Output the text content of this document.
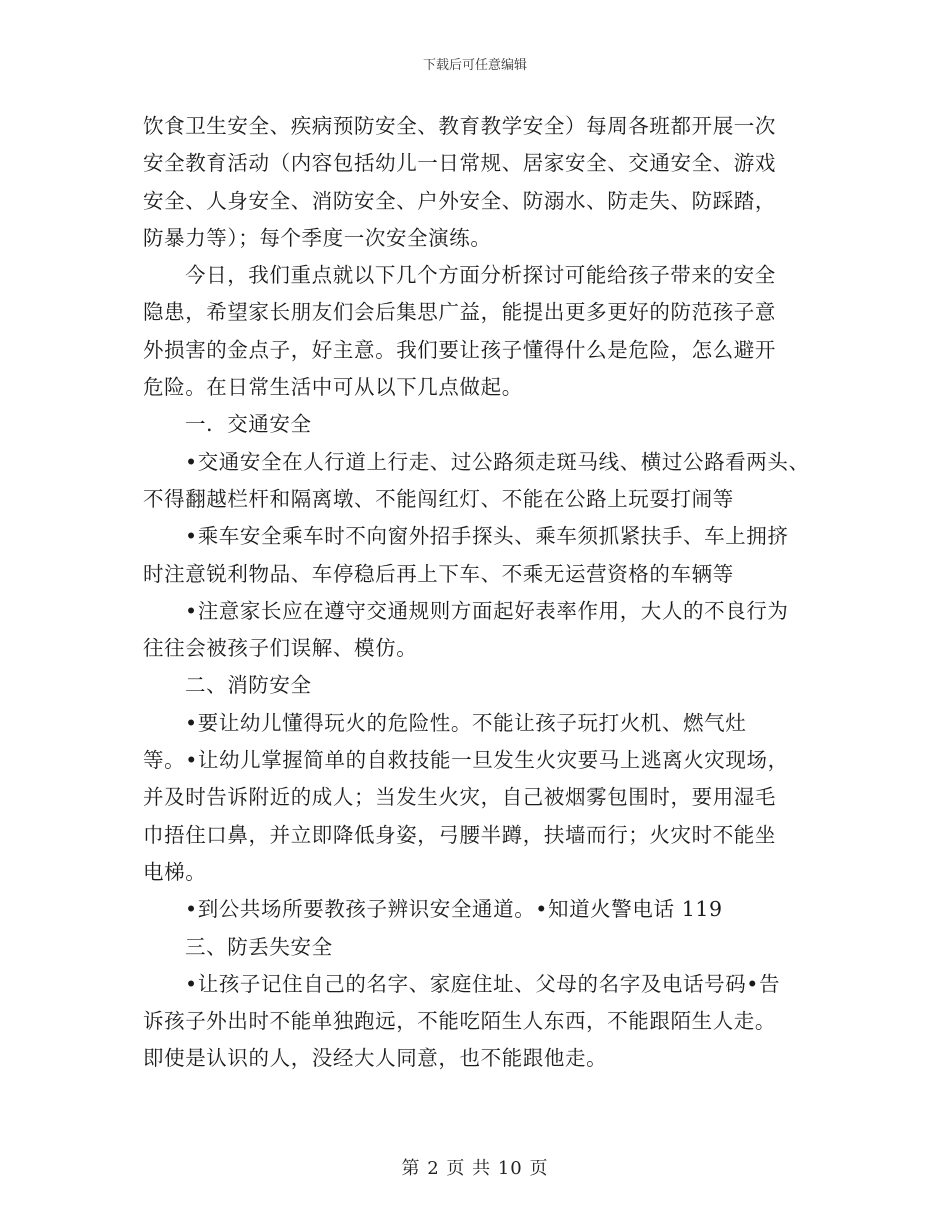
下载后可任意编辑
饮食卫生安全、疾病预防安全、教育教学安全）每周各班都开展一次
安全教育活动（内容包括幼儿一日常规、居家安全、交通安全、游戏
安全、人身安全、消防安全、户外安全、防溺水、防走失、防踩踏，
防暴力等）；每个季度一次安全演练。
今日，我们重点就以下几个方面分析探讨可能给孩子带来的安全
隐患，希望家长朋友们会后集思广益，能提出更多更好的防范孩子意
外损害的金点子，好主意。我们要让孩子懂得什么是危险，怎么避开
危险。在日常生活中可从以下几点做起。
一．交通安全
•交通安全在人行道上行走、过公路须走斑马线、横过公路看两头、
不得翻越栏杆和隔离墩、不能闯红灯、不能在公路上玩耍打闹等
•乘车安全乘车时不向窗外招手探头、乘车须抓紧扶手、车上拥挤
时注意锐利物品、车停稳后再上下车、不乘无运营资格的车辆等
•注意家长应在遵守交通规则方面起好表率作用，大人的不良行为
往往会被孩子们误解、模仿。
二、消防安全
•要让幼儿懂得玩火的危险性。不能让孩子玩打火机、燃气灶
等。•让幼儿掌握简单的自救技能一旦发生火灾要马上逃离火灾现场，
并及时告诉附近的成人；当发生火灾，自己被烟雾包围时，要用湿毛
巾捂住口鼻，并立即降低身姿，弓腰半蹲，扶墙而行；火灾时不能坐
电梯。
•到公共场所要教孩子辨识安全通道。•知道火警电话 119
三、防丢失安全
•让孩子记住自己的名字、家庭住址、父母的名字及电话号码•告
诉孩子外出时不能单独跑远，不能吃陌生人东西，不能跟陌生人走。
即使是认识的人，没经大人同意，也不能跟他走。
第 2 页 共 10 页
